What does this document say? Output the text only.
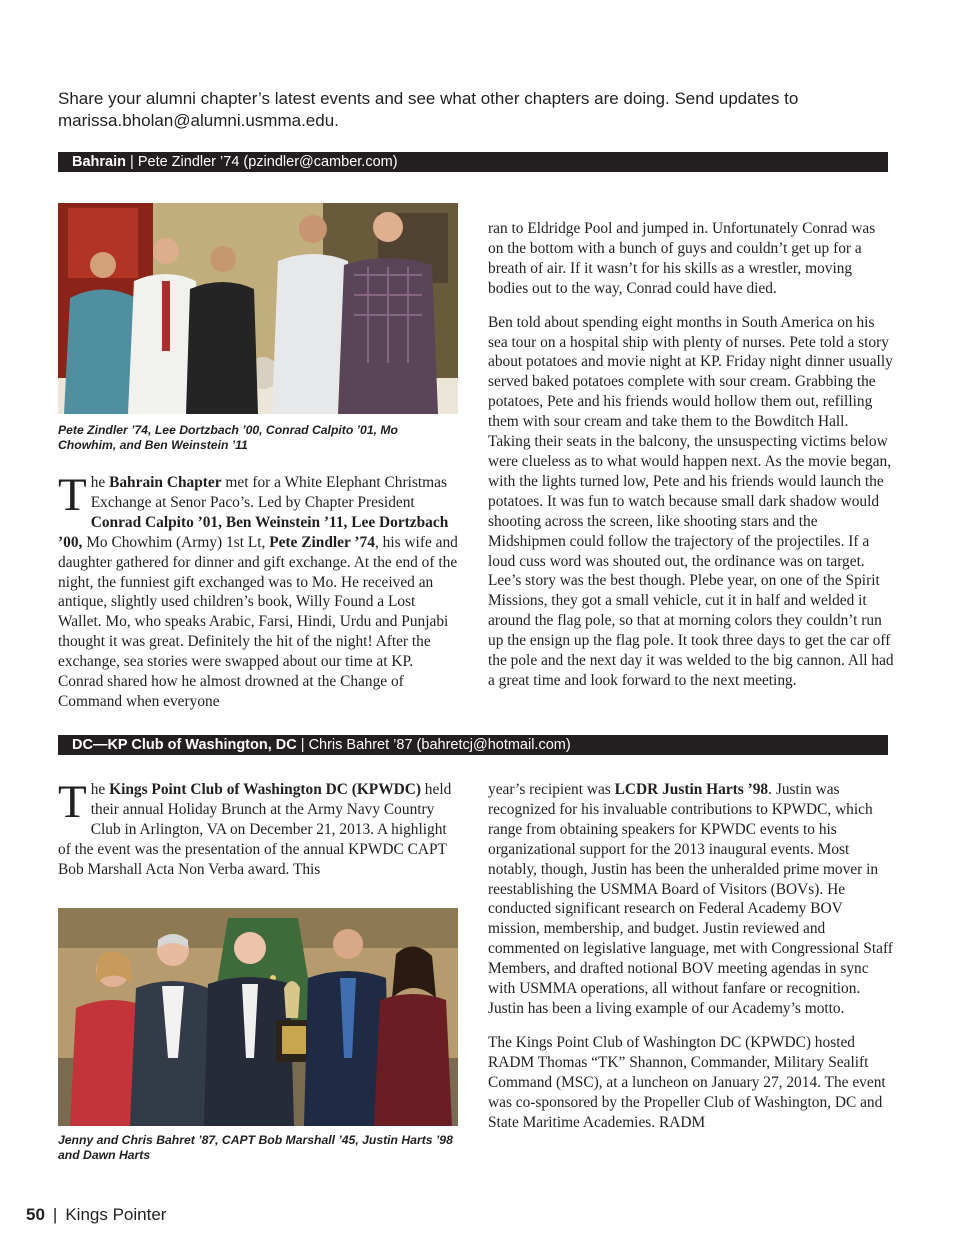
Share your alumni chapter’s latest events and see what other chapters are doing. Send updates to marissa.bholan@alumni.usmma.edu.

Bahrain | Pete Zindler ’74 (pzindler@camber.com)

Pete Zindler ’74, Lee Dortzbach ’00, Conrad Calpito ’01, Mo Chowhim, and Ben Weinstein ’11

The Bahrain Chapter met for a White Elephant Christmas Exchange at Senor Paco’s. Led by Chapter President Conrad Calpito ’01, Ben Weinstein ’11, Lee Dortzbach ’00, Mo Chowhim (Army) 1st Lt, Pete Zindler ’74, his wife and daughter gathered for dinner and gift exchange. At the end of the night, the funniest gift exchanged was to Mo. He received an antique, slightly used children’s book, Willy Found a Lost Wallet. Mo, who speaks Arabic, Farsi, Hindi, Urdu and Punjabi thought it was great. Definitely the hit of the night! After the exchange, sea stories were swapped about our time at KP. Conrad shared how he almost drowned at the Change of Command when everyone

ran to Eldridge Pool and jumped in. Unfortunately Conrad was on the bottom with a bunch of guys and couldn’t get up for a breath of air. If it wasn’t for his skills as a wrestler, moving bodies out to the way, Conrad could have died.

Ben told about spending eight months in South America on his sea tour on a hospital ship with plenty of nurses. Pete told a story about potatoes and movie night at KP. Friday night dinner usually served baked potatoes complete with sour cream. Grabbing the potatoes, Pete and his friends would hollow them out, refilling them with sour cream and take them to the Bowditch Hall. Taking their seats in the balcony, the unsuspecting victims below were clueless as to what would happen next. As the movie began, with the lights turned low, Pete and his friends would launch the potatoes. It was fun to watch because small dark shadow would shooting across the screen, like shooting stars and the Midshipmen could follow the trajectory of the projectiles. If a loud cuss word was shouted out, the ordinance was on target. Lee’s story was the best though. Plebe year, on one of the Spirit Missions, they got a small vehicle, cut it in half and welded it around the flag pole, so that at morning colors they couldn’t run up the ensign up the flag pole. It took three days to get the car off the pole and the next day it was welded to the big cannon. All had a great time and look forward to the next meeting.

DC—KP Club of Washington, DC | Chris Bahret ’87 (bahretcj@hotmail.com)

The Kings Point Club of Washington DC (KPWDC) held their annual Holiday Brunch at the Army Navy Country Club in Arlington, VA on December 21, 2013. A highlight of the event was the presentation of the annual KPWDC CAPT Bob Marshall Acta Non Verba award. This

Jenny and Chris Bahret ’87, CAPT Bob Marshall ’45, Justin Harts ’98 and Dawn Harts

year’s recipient was LCDR Justin Harts ’98. Justin was recognized for his invaluable contributions to KPWDC, which range from obtaining speakers for KPWDC events to his organizational support for the 2013 inaugural events. Most notably, though, Justin has been the unheralded prime mover in reestablishing the USMMA Board of Visitors (BOVs). He conducted significant research on Federal Academy BOV mission, membership, and budget. Justin reviewed and commented on legislative language, met with Congressional Staff Members, and drafted notional BOV meeting agendas in sync with USMMA operations, all without fanfare or recognition. Justin has been a living example of our Academy’s motto.

The Kings Point Club of Washington DC (KPWDC) hosted RADM Thomas “TK” Shannon, Commander, Military Sealift Command (MSC), at a luncheon on January 27, 2014. The event was co-sponsored by the Propeller Club of Washington, DC and State Maritime Academies. RADM

50 | Kings Pointer
